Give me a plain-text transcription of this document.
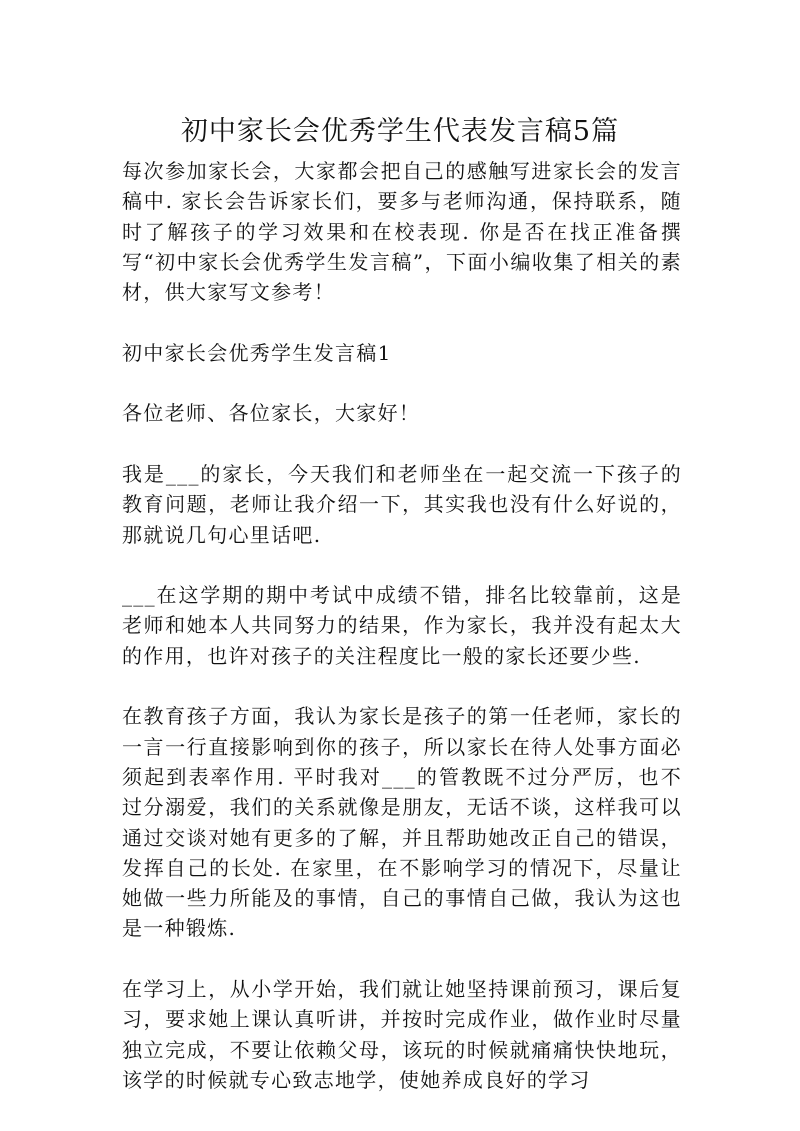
初中家长会优秀学生代表发言稿5篇

每次参加家长会，大家都会把自己的感触写进家长会的发言稿中. 家长会告诉家长们，要多与老师沟通，保持联系，随时了解孩子的学习效果和在校表现. 你是否在找正准备撰写“初中家长会优秀学生发言稿”，下面小编收集了相关的素材，供大家写文参考！

初中家长会优秀学生发言稿1

各位老师、各位家长，大家好！

我是___的家长，今天我们和老师坐在一起交流一下孩子的教育问题，老师让我介绍一下，其实我也没有什么好说的，那就说几句心里话吧.

___在这学期的期中考试中成绩不错，排名比较靠前，这是老师和她本人共同努力的结果，作为家长，我并没有起太大的作用，也许对孩子的关注程度比一般的家长还要少些.

在教育孩子方面，我认为家长是孩子的第一任老师，家长的一言一行直接影响到你的孩子，所以家长在待人处事方面必须起到表率作用. 平时我对___的管教既不过分严厉，也不过分溺爱，我们的关系就像是朋友，无话不谈，这样我可以通过交谈对她有更多的了解，并且帮助她改正自己的错误，发挥自己的长处. 在家里，在不影响学习的情况下，尽量让她做一些力所能及的事情，自己的事情自己做，我认为这也是一种锻炼.

在学习上，从小学开始，我们就让她坚持课前预习，课后复习，要求她上课认真听讲，并按时完成作业，做作业时尽量独立完成，不要让依赖父母，该玩的时候就痛痛快快地玩，该学的时候就专心致志地学，使她养成良好的学习
